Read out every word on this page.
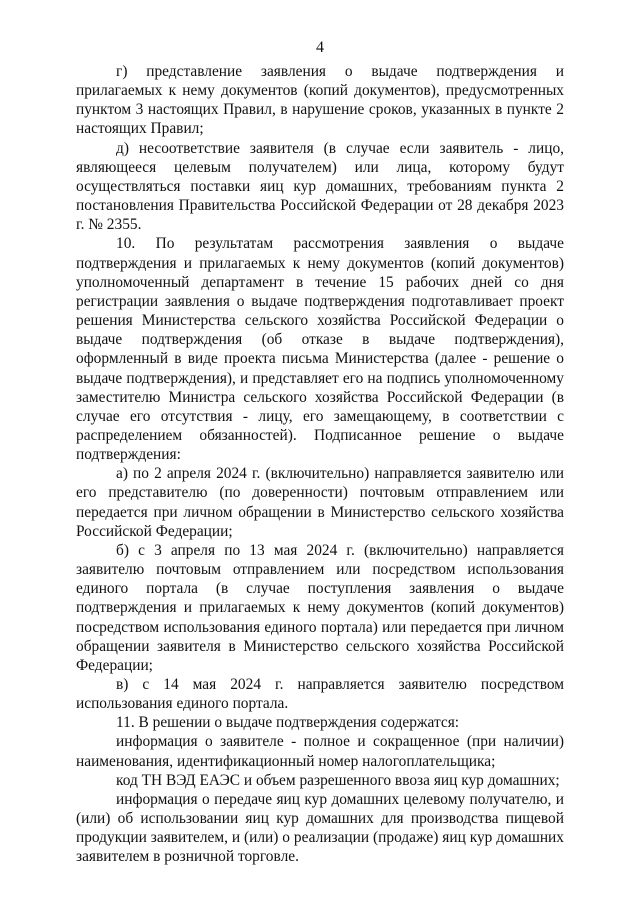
4

г) представление заявления о выдаче подтверждения и прилагаемых к нему документов (копий документов), предусмотренных пунктом 3 настоящих Правил, в нарушение сроков, указанных в пункте 2 настоящих Правил;

д) несоответствие заявителя (в случае если заявитель - лицо, являющееся целевым получателем) или лица, которому будут осуществляться поставки яиц кур домашних, требованиям пункта 2 постановления Правительства Российской Федерации от 28 декабря 2023 г. № 2355.

10. По результатам рассмотрения заявления о выдаче подтверждения и прилагаемых к нему документов (копий документов) уполномоченный департамент в течение 15 рабочих дней со дня регистрации заявления о выдаче подтверждения подготавливает проект решения Министерства сельского хозяйства Российской Федерации о выдаче подтверждения (об отказе в выдаче подтверждения), оформленный в виде проекта письма Министерства (далее - решение о выдаче подтверждения), и представляет его на подпись уполномоченному заместителю Министра сельского хозяйства Российской Федерации (в случае его отсутствия - лицу, его замещающему, в соответствии с распределением обязанностей). Подписанное решение о выдаче подтверждения:

а) по 2 апреля 2024 г. (включительно) направляется заявителю или его представителю (по доверенности) почтовым отправлением или передается при личном обращении в Министерство сельского хозяйства Российской Федерации;

б) с 3 апреля по 13 мая 2024 г. (включительно) направляется заявителю почтовым отправлением или посредством использования единого портала (в случае поступления заявления о выдаче подтверждения и прилагаемых к нему документов (копий документов) посредством использования единого портала) или передается при личном обращении заявителя в Министерство сельского хозяйства Российской Федерации;

в) с 14 мая 2024 г. направляется заявителю посредством использования единого портала.

11. В решении о выдаче подтверждения содержатся:

информация о заявителе - полное и сокращенное (при наличии) наименования, идентификационный номер налогоплательщика;

код ТН ВЭД ЕАЭС и объем разрешенного ввоза яиц кур домашних;

информация о передаче яиц кур домашних целевому получателю, и (или) об использовании яиц кур домашних для производства пищевой продукции заявителем, и (или) о реализации (продаже) яиц кур домашних заявителем в розничной торговле.
